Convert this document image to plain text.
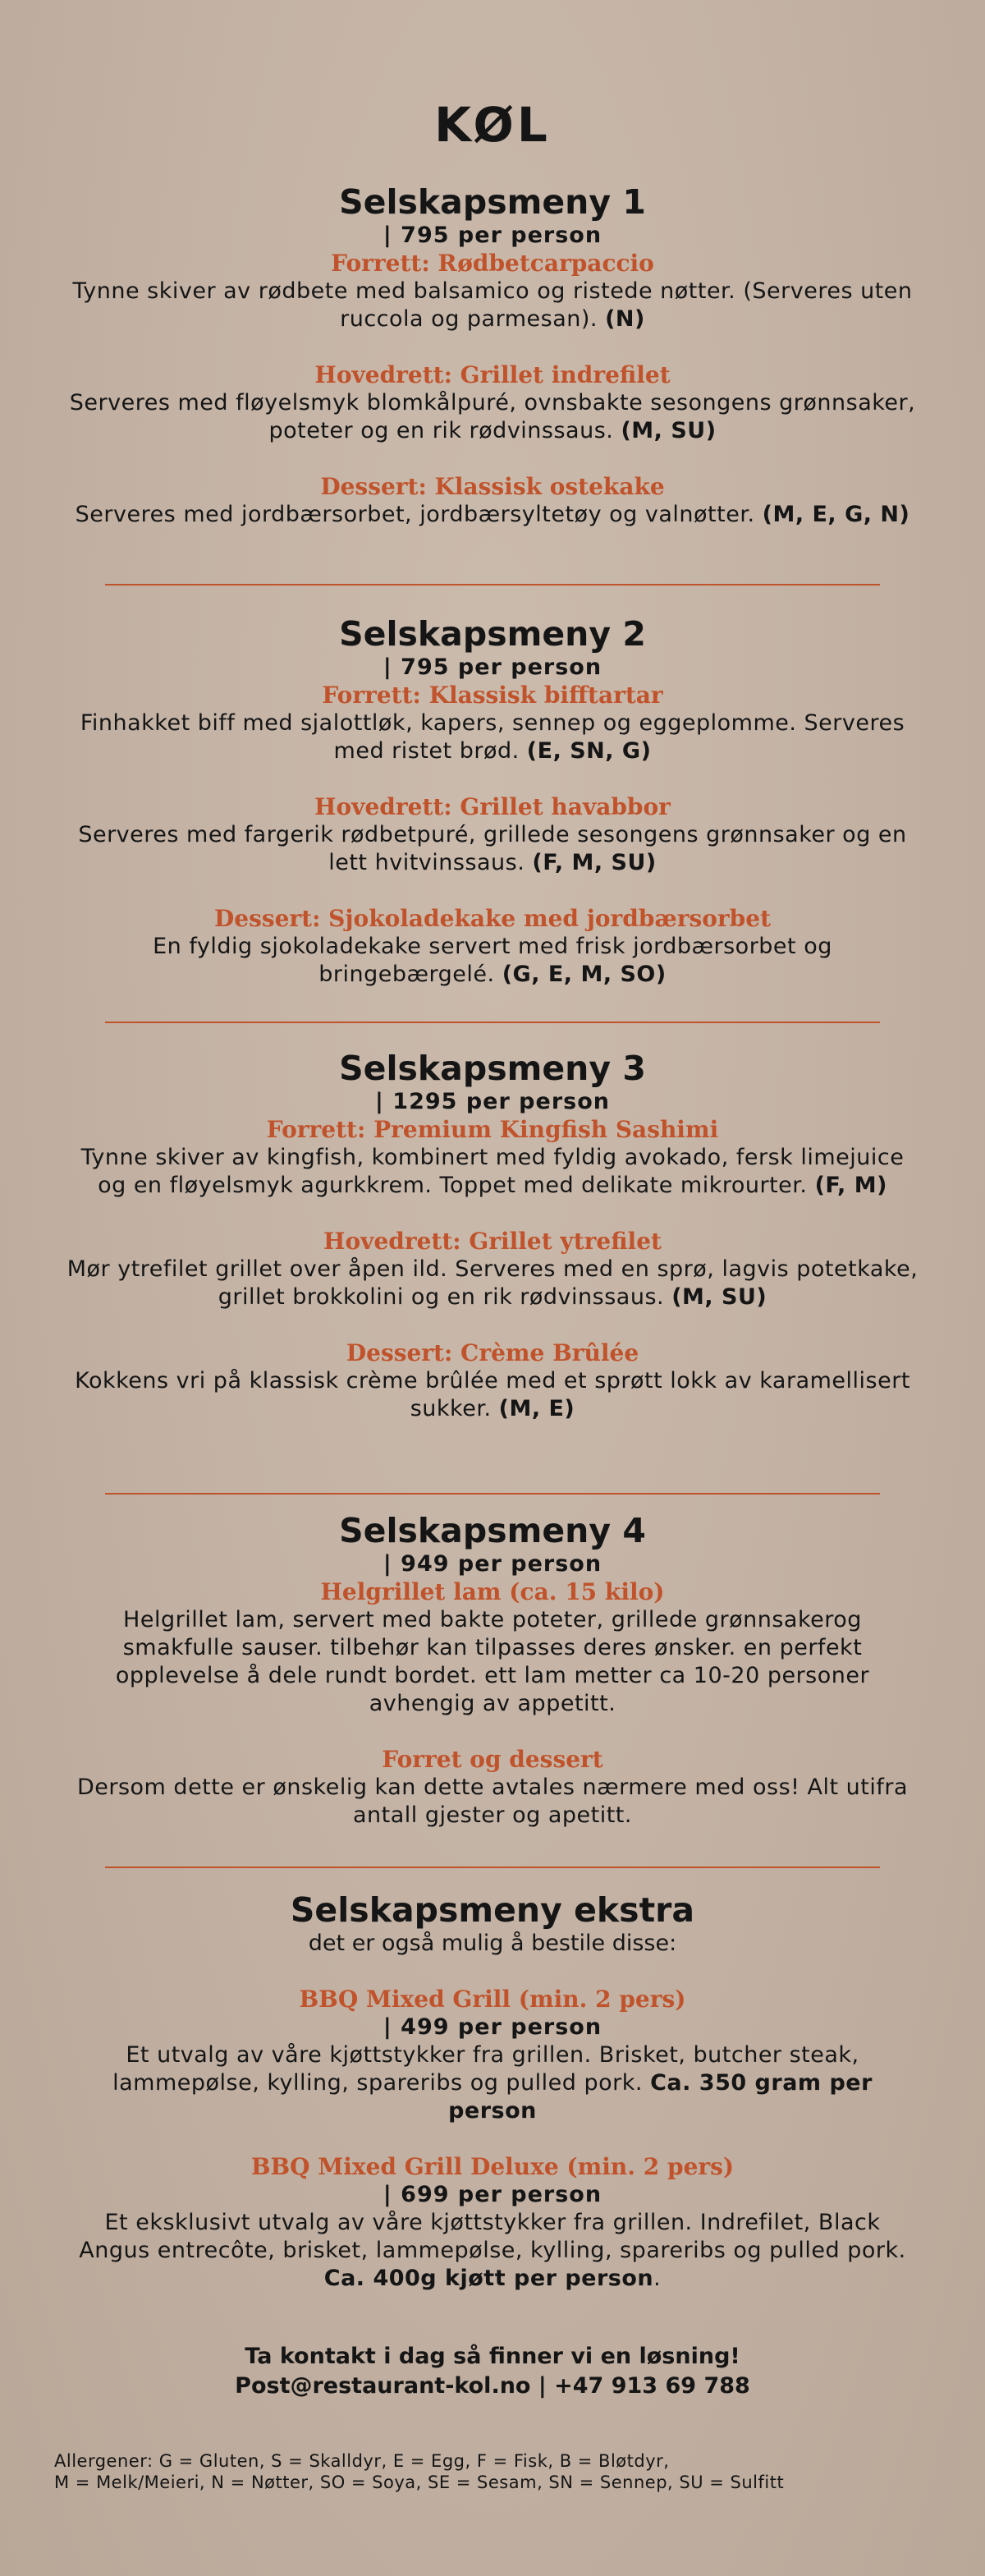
KØL
Selskapsmeny 1
| 795 per person
Forrett: Rødbetcarpaccio
Tynne skiver av rødbete med balsamico og ristede nøtter. (Serveres uten ruccola og parmesan). (N)
Hovedrett: Grillet indrefilet
Serveres med fløyelsmyk blomkålpuré, ovnsbakte sesongens grønnsaker, poteter og en rik rødvinssaus. (M, SU)
Dessert: Klassisk ostekake
Serveres med jordbærsorbet, jordbærsyltetøy og valnøtter. (M, E, G, N)
Selskapsmeny 2
| 795 per person
Forrett: Klassisk bifftartar
Finhakket biff med sjalottløk, kapers, sennep og eggeplomme. Serveres med ristet brød. (E, SN, G)
Hovedrett: Grillet havabbor
Serveres med fargerik rødbetpuré, grillede sesongens grønnsaker og en lett hvitvinssaus. (F, M, SU)
Dessert: Sjokoladekake med jordbærsorbet
En fyldig sjokoladekake servert med frisk jordbærsorbet og bringebærgelé. (G, E, M, SO)
Selskapsmeny 3
| 1295 per person
Forrett: Premium Kingfish Sashimi
Tynne skiver av kingfish, kombinert med fyldig avokado, fersk limejuice og en fløyelsmyk agurkkrem. Toppet med delikate mikrourter. (F, M)
Hovedrett: Grillet ytrefilet
Mør ytrefilet grillet over åpen ild. Serveres med en sprø, lagvis potetkake, grillet brokkolini og en rik rødvinssaus. (M, SU)
Dessert: Crème Brûlée
Kokkens vri på klassisk crème brûlée med et sprøtt lokk av karamellisert sukker. (M, E)
Selskapsmeny 4
| 949 per person
Helgrillet lam (ca. 15 kilo)
Helgrillet lam, servert med bakte poteter, grillede grønnsakerog smakfulle sauser. tilbehør kan tilpasses deres ønsker. en perfekt opplevelse å dele rundt bordet. ett lam metter ca 10-20 personer avhengig av appetitt.
Forret og dessert
Dersom dette er ønskelig kan dette avtales nærmere med oss! Alt utifra antall gjester og apetitt.
Selskapsmeny ekstra
det er også mulig å bestile disse:
BBQ Mixed Grill (min. 2 pers)
| 499 per person
Et utvalg av våre kjøttstykker fra grillen. Brisket, butcher steak, lammepølse, kylling, spareribs og pulled pork. Ca. 350 gram per person
BBQ Mixed Grill Deluxe (min. 2 pers)
| 699 per person
Et eksklusivt utvalg av våre kjøttstykker fra grillen. Indrefilet, Black Angus entrecôte, brisket, lammepølse, kylling, spareribs og pulled pork. Ca. 400g kjøtt per person.
Ta kontakt i dag så finner vi en løsning!
Post@restaurant-kol.no | +47 913 69 788
Allergener: G = Gluten, S = Skalldyr, E = Egg, F = Fisk, B = Bløtdyr,
M = Melk/Meieri, N = Nøtter, SO = Soya, SE = Sesam, SN = Sennep, SU = Sulfitt
